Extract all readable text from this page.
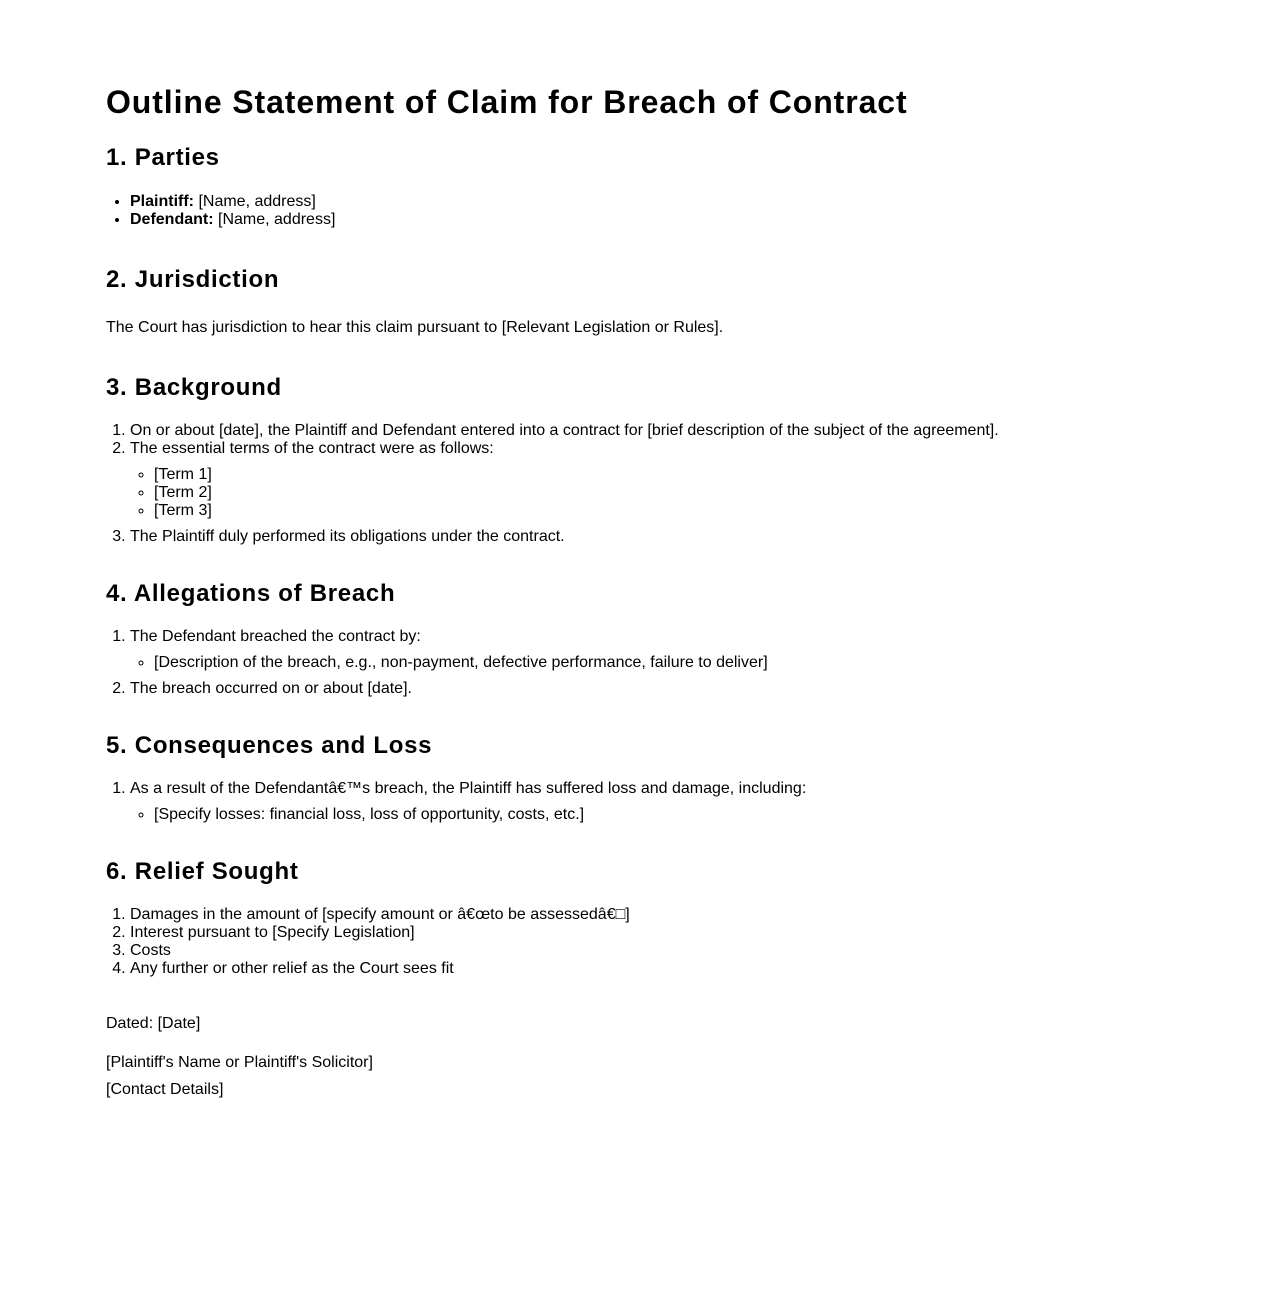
Outline Statement of Claim for Breach of Contract
1. Parties
• Plaintiff: [Name, address]
• Defendant: [Name, address]
2. Jurisdiction

The Court has jurisdiction to hear this claim pursuant to [Relevant Legislation or Rules].

3. Background
1. On or about [date], the Plaintiff and Defendant entered into a contract for [brief description of the subject of the agreement].
2. The essential terms of the contract were as follows:
◦ [Term 1]
◦ [Term 2]
◦ [Term 3]
3. The Plaintiff duly performed its obligations under the contract.
4. Allegations of Breach
1. The Defendant breached the contract by:
◦ [Description of the breach, e.g., non-payment, defective performance, failure to deliver]
2. The breach occurred on or about [date].
5. Consequences and Loss
1. As a result of the Defendantâ€™s breach, the Plaintiff has suffered loss and damage, including:
◦ [Specify losses: financial loss, loss of opportunity, costs, etc.]
6. Relief Sought
1. Damages in the amount of [specify amount or â€œto be assessedâ€□]
2. Interest pursuant to [Specify Legislation]
3. Costs
4. Any further or other relief as the Court sees fit

Dated: [Date]

[Plaintiff's Name or Plaintiff's Solicitor]

[Contact Details]
